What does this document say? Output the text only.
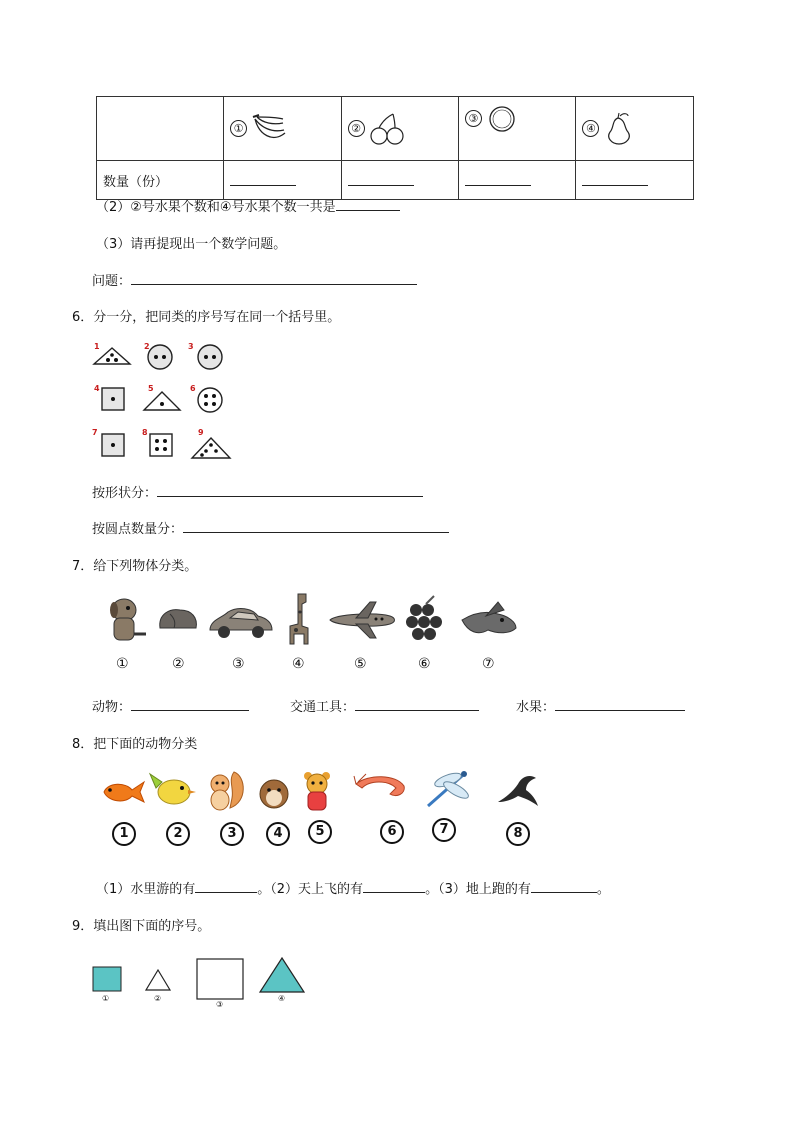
	①	②	③	④
数量（份）				
（2）②号水果个数和④号水果个数一共是
（3）请再提现出一个数学问题。
问题：
6．分一分，把同类的序号写在同一个括号里。
1	2	3
4	5	6
7	8	9
按形状分：
按圆点数量分：
7．给下列物体分类。
①	②	③	④	⑤	⑥	⑦
动物：	交通工具：	水果：
8．把下面的动物分类
1	2	3	4	5	6	7	8
（1）水里游的有	。（2）天上飞的有	。（3）地上跑的有	。
9．填出图下面的序号。
①	②
③
④
